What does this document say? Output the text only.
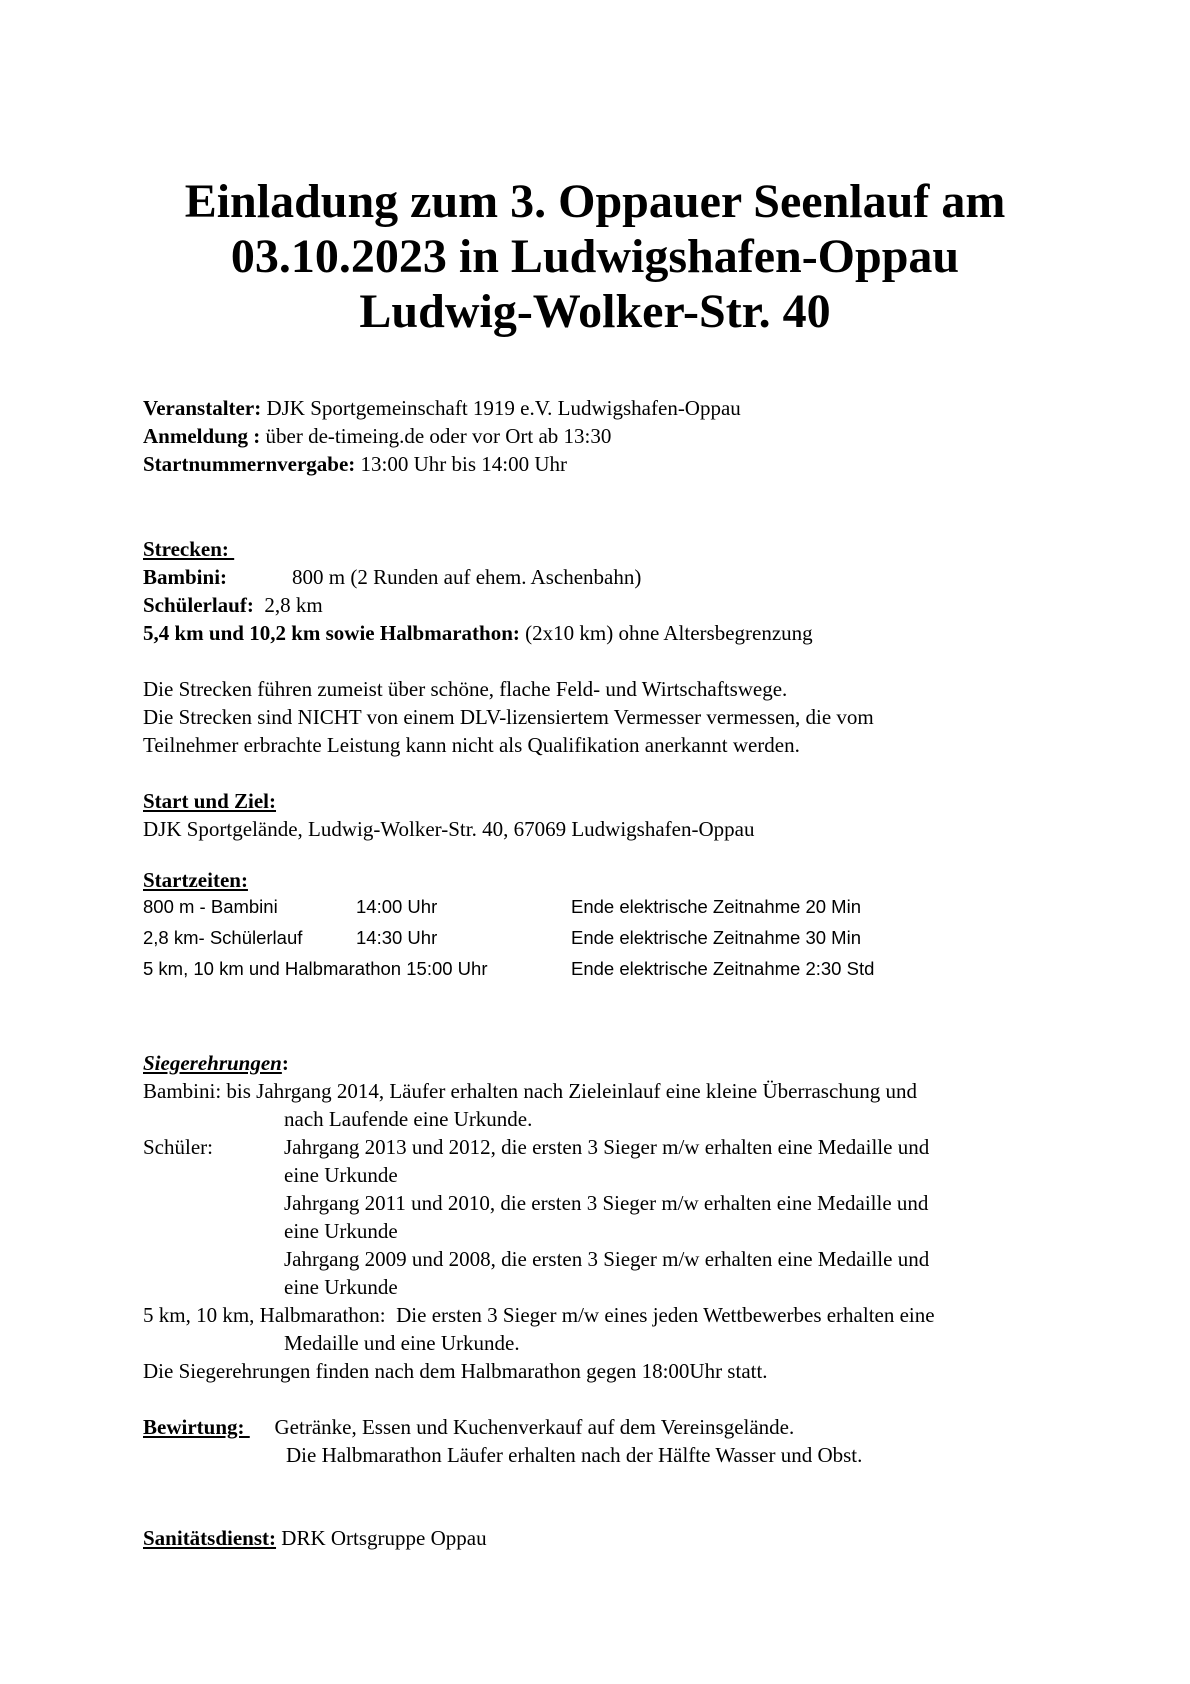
Einladung zum 3. Oppauer Seenlauf am
03.10.2023 in Ludwigshafen-Oppau
Ludwig-Wolker-Str. 40
Veranstalter: DJK Sportgemeinschaft 1919 e.V. Ludwigshafen-Oppau
Anmeldung : über de-timeing.de oder vor Ort ab 13:30
Startnummernvergabe: 13:00 Uhr bis 14:00 Uhr
Strecken:
Bambini:	800 m (2 Runden auf ehem. Aschenbahn)
Schülerlauf:  2,8 km
5,4 km und 10,2 km sowie Halbmarathon: (2x10 km) ohne Altersbegrenzung
Die Strecken führen zumeist über schöne, flache Feld- und Wirtschaftswege.
Die Strecken sind NICHT von einem DLV-lizensiertem Vermesser vermessen, die vom
Teilnehmer erbrachte Leistung kann nicht als Qualifikation anerkannt werden.
Start und Ziel:
DJK Sportgelände, Ludwig-Wolker-Str. 40, 67069 Ludwigshafen-Oppau
Startzeiten:
800 m - Bambini	14:00 Uhr	Ende elektrische Zeitnahme 20 Min
2,8 km- Schülerlauf	14:30 Uhr	Ende elektrische Zeitnahme 30 Min
5 km, 10 km und Halbmarathon 15:00 Uhr	Ende elektrische Zeitnahme 2:30 Std
Siegerehrungen:
Bambini: bis Jahrgang 2014, Läufer erhalten nach Zieleinlauf eine kleine Überraschung und
nach Laufende eine Urkunde.
Schüler:	Jahrgang 2013 und 2012, die ersten 3 Sieger m/w erhalten eine Medaille und
eine Urkunde
Jahrgang 2011 und 2010, die ersten 3 Sieger m/w erhalten eine Medaille und
eine Urkunde
Jahrgang 2009 und 2008, die ersten 3 Sieger m/w erhalten eine Medaille und
eine Urkunde
5 km, 10 km, Halbmarathon:  Die ersten 3 Sieger m/w eines jeden Wettbewerbes erhalten eine
Medaille und eine Urkunde.
Die Siegerehrungen finden nach dem Halbmarathon gegen 18:00Uhr statt.
Bewirtung: Getränke, Essen und Kuchenverkauf auf dem Vereinsgelände.
Die Halbmarathon Läufer erhalten nach der Hälfte Wasser und Obst.
Sanitätsdienst: DRK Ortsgruppe Oppau
